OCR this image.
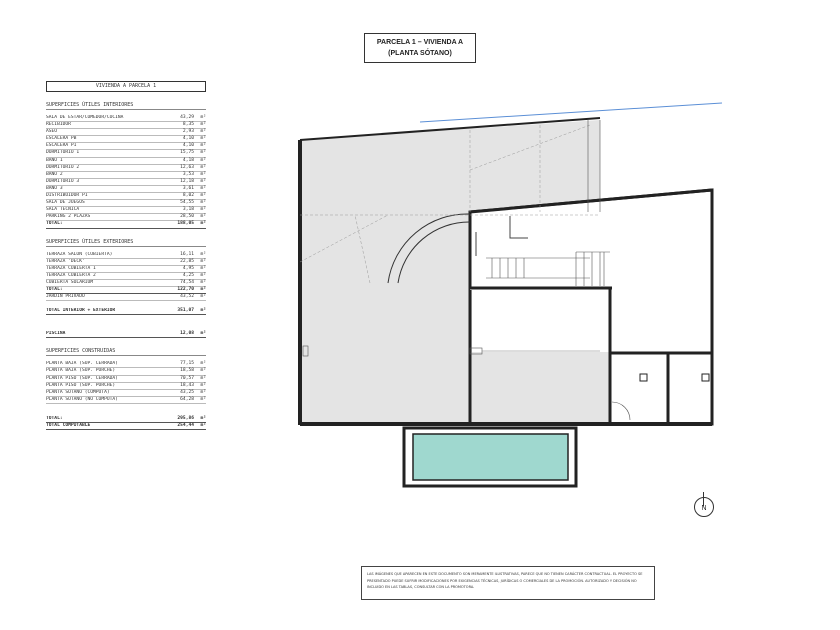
PARCELA 1 – VIVIENDA A
(PLANTA SÓTANO)
VIVIENDA A PARCELA 1
SUPERFICIES ÚTILES INTERIORES
SALA DE ESTAR/COMEDOR/COCINA	43,29	m²
RECIBIDOR	8,35	m²
ASEO	2,93	m²
ESCALERA PB	4,10	m²
ESCALERA P1	4,10	m²
DORMITORIO 1	15,75	m²
BAÑO 1	4,18	m²
DORMITORIO 2	12,63	m²
BAÑO 2	3,53	m²
DORMITORIO 3	12,18	m²
BAÑO 3	3,61	m²
DISTRIBUIDOR P1	8,02	m²
SALA DE JUEGOS	54,55	m²
SALA TÉCNICA	3,18	m²
PARKING 2 PLAZAS	28,50	m²
TOTAL:	188,05	m²
SUPERFICIES ÚTILES EXTERIORES
TERRAZA SALÓN (CUBIERTA)	16,11	m²
TERRAZA 'DECK'	22,85	m²
TERRAZA CUBIERTA 1	4,95	m²
TERRAZA CUBIERTA 2	4,25	m²
CUBIERTA SOLARIUM	74,54	m²
TOTAL:	122,70	m²
JARDÍN PRIVADO	43,52	m²
TOTAL INTERIOR + EXTERIOR	351,07	m²
PISCINA	12,08	m²
SUPERFICIES CONSTRUIDAS
PLANTA BAJA (SUP. CERRADA)	77,15	m²
PLANTA BAJA (SUP. PORCHE)	18,58	m²
PLANTA PISO (SUP. CERRADA)	70,57	m²
PLANTA PISO (SUP. PORCHE)	18,43	m²
PLANTA SÓTANO (COMPUTA)	43,25	m²
PLANTA SÓTANO (NO COMPUTA)	64,28	m²
TOTAL:	295,86	m²
TOTAL COMPUTABLE	254,44	m²
N
LAS IMÁGENES QUE APARECEN EN ESTE DOCUMENTO SON MERAMENTE ILUSTRATIVAS, PARECE QUE NO TIENEN CARÁCTER CONTRACTUAL. EL PROYECTO SE PRESENTADO PUEDE SUFRIR MODIFICACIONES POR EXIGENCIAS TÉCNICAS, JURÍDICAS O COMERCIALES DE LA PROMOCIÓN. AUTORIZADO Y DECISIÓN NO INCLUIDO EN LAS TABLAS, CONSULTAR CON LA PROMOTORA.
